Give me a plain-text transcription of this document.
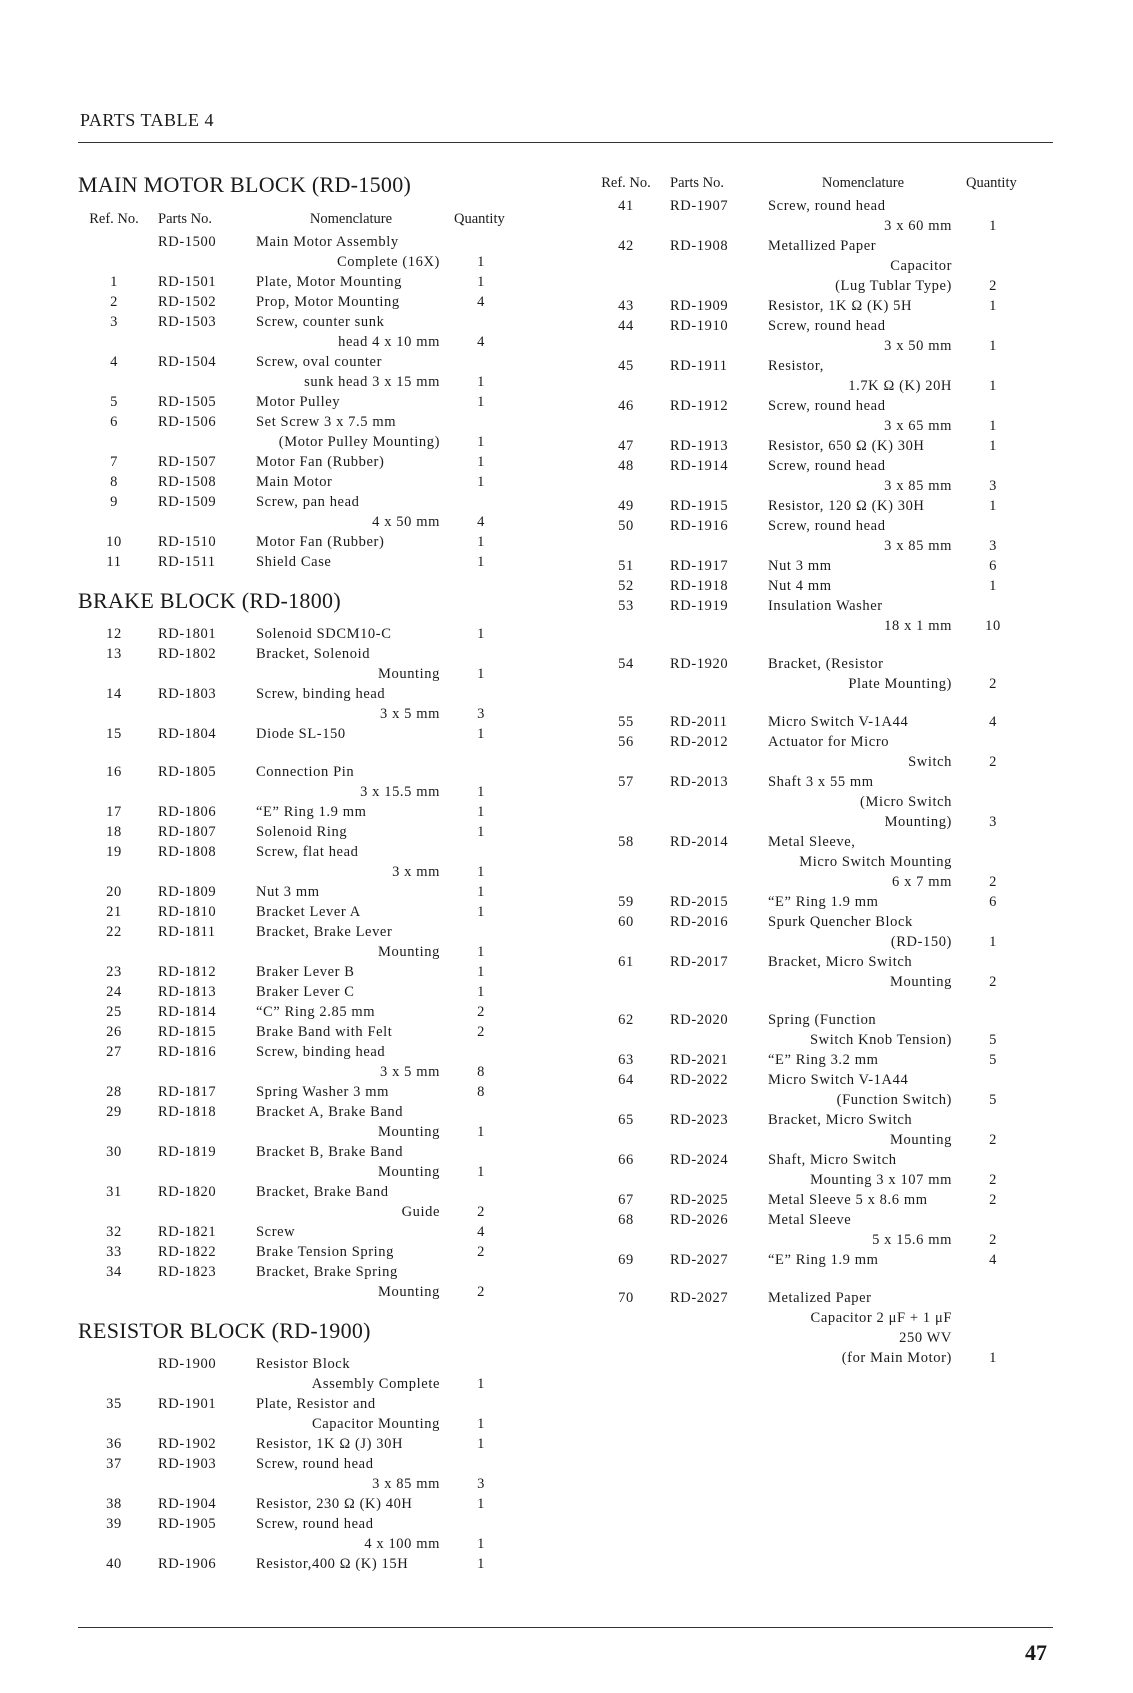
PARTS TABLE 4
MAIN MOTOR BLOCK (RD-1500)
Ref. No.	Parts No.	Nomenclature	Quantity
RD-1500	Main Motor Assembly
Complete (16X)	1
1	RD-1501	Plate, Motor Mounting	1
2	RD-1502	Prop, Motor Mounting	4
3	RD-1503	Screw, counter sunk
head 4 x 10 mm	4
4	RD-1504	Screw, oval counter
sunk head 3 x 15 mm	1
5	RD-1505	Motor Pulley	1
6	RD-1506	Set Screw 3 x 7.5 mm
(Motor Pulley Mounting)	1
7	RD-1507	Motor Fan (Rubber)	1
8	RD-1508	Main Motor	1
9	RD-1509	Screw, pan head
4 x 50 mm	4
10	RD-1510	Motor Fan (Rubber)	1
11	RD-1511	Shield Case	1
BRAKE BLOCK (RD-1800)
12	RD-1801	Solenoid SDCM10-C	1
13	RD-1802	Bracket, Solenoid
Mounting	1
14	RD-1803	Screw, binding head
3 x 5 mm	3
15	RD-1804	Diode SL-150	1
16	RD-1805	Connection Pin
3 x 15.5 mm	1
17	RD-1806	“E” Ring 1.9 mm	1
18	RD-1807	Solenoid Ring	1
19	RD-1808	Screw, flat head
3 x mm	1
20	RD-1809	Nut 3 mm	1
21	RD-1810	Bracket Lever A	1
22	RD-1811	Bracket, Brake Lever
Mounting	1
23	RD-1812	Braker Lever B	1
24	RD-1813	Braker Lever C	1
25	RD-1814	“C” Ring 2.85 mm	2
26	RD-1815	Brake Band with Felt	2
27	RD-1816	Screw, binding head
3 x 5 mm	8
28	RD-1817	Spring Washer 3 mm	8
29	RD-1818	Bracket A, Brake Band
Mounting	1
30	RD-1819	Bracket B, Brake Band
Mounting	1
31	RD-1820	Bracket, Brake Band
Guide	2
32	RD-1821	Screw	4
33	RD-1822	Brake Tension Spring	2
34	RD-1823	Bracket, Brake Spring
Mounting	2
RESISTOR BLOCK (RD-1900)
RD-1900	Resistor Block
Assembly Complete	1
35	RD-1901	Plate, Resistor and
Capacitor Mounting	1
36	RD-1902	Resistor, 1K Ω (J) 30H	1
37	RD-1903	Screw, round head
3 x 85 mm	3
38	RD-1904	Resistor, 230 Ω (K) 40H	1
39	RD-1905	Screw, round head
4 x 100 mm	1
40	RD-1906	Resistor,400 Ω (K) 15H	1
Ref. No.	Parts No.	Nomenclature	Quantity
41	RD-1907	Screw, round head
3 x 60 mm	1
42	RD-1908	Metallized Paper
Capacitor
(Lug Tublar Type)	2
43	RD-1909	Resistor, 1K Ω (K) 5H	1
44	RD-1910	Screw, round head
3 x 50 mm	1
45	RD-1911	Resistor,
1.7K Ω (K) 20H	1
46	RD-1912	Screw, round head
3 x 65 mm	1
47	RD-1913	Resistor, 650 Ω (K) 30H	1
48	RD-1914	Screw, round head
3 x 85 mm	3
49	RD-1915	Resistor, 120 Ω (K) 30H	1
50	RD-1916	Screw, round head
3 x 85 mm	3
51	RD-1917	Nut 3 mm	6
52	RD-1918	Nut 4 mm	1
53	RD-1919	Insulation Washer
18 x 1 mm	10
54	RD-1920	Bracket, (Resistor
Plate Mounting)	2
55	RD-2011	Micro Switch V-1A44	4
56	RD-2012	Actuator for Micro
Switch	2
57	RD-2013	Shaft 3 x 55 mm
(Micro Switch
Mounting)	3
58	RD-2014	Metal Sleeve,
Micro Switch Mounting
6 x 7 mm	2
59	RD-2015	“E” Ring 1.9 mm	6
60	RD-2016	Spurk Quencher Block
(RD-150)	1
61	RD-2017	Bracket, Micro Switch
Mounting	2
62	RD-2020	Spring (Function
Switch Knob Tension)	5
63	RD-2021	“E” Ring 3.2 mm	5
64	RD-2022	Micro Switch V-1A44
(Function Switch)	5
65	RD-2023	Bracket, Micro Switch
Mounting	2
66	RD-2024	Shaft, Micro Switch
Mounting 3 x 107 mm	2
67	RD-2025	Metal Sleeve 5 x 8.6 mm	2
68	RD-2026	Metal Sleeve
5 x 15.6 mm	2
69	RD-2027	“E” Ring 1.9 mm	4
70	RD-2027	Metalized Paper
Capacitor 2 μF + 1 μF
250 WV
(for Main Motor)	1
47
